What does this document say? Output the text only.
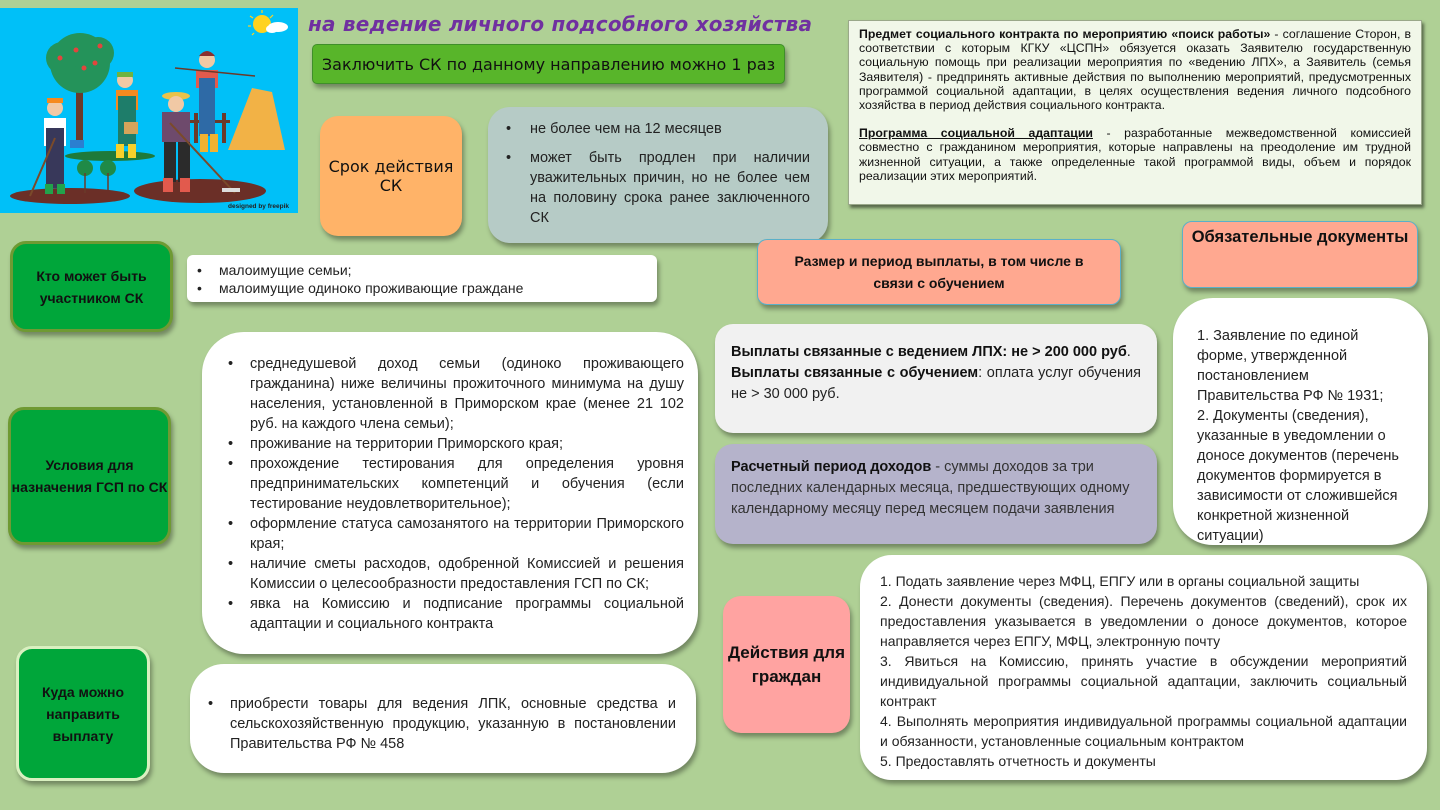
designed by freepik
на ведение личного подсобного хозяйства
Заключить СК по данному направлению можно 1 раз

Предмет социального контракта по мероприятию «поиск работы» - соглашение Сторон, в соответствии с которым КГКУ «ЦСПН» обязуется оказать Заявителю государственную социальную помощь при реализации мероприятия по «ведению ЛПХ», а Заявитель (семья Заявителя) - предпринять активные действия по выполнению мероприятий, предусмотренных программой социальной адаптации, в целях осуществления ведения личного подсобного хозяйства в период действия социального контракта.

Программа социальной адаптации - разработанные межведомственной комиссией совместно с гражданином мероприятия, которые направлены на преодоление им трудной жизненной ситуации, а также определенные такой программой виды, объем и порядок реализации этих мероприятий.

Срок действия СК
• не более чем на 12 месяцев
• может быть продлен при наличии уважительных причин, но не более чем на половину срока ранее заключенного СК
Кто может быть участником СК
• малоимущие семьи;
• малоимущие одиноко проживающие граждане
Условия для назначения ГСП по СК
• среднедушевой доход семьи (одиноко проживающего гражданина) ниже величины прожиточного минимума на душу населения, установленной в Приморском крае (менее 21 102 руб. на каждого члена семьи);
• проживание на территории Приморского края;
• прохождение тестирования для определения уровня предпринимательских компетенций и обучения (если тестирование неудовлетворительное);
• оформление статуса самозанятого на территории Приморского края;
• наличие сметы расходов, одобренной Комиссией и решения Комиссии о целесообразности предоставления ГСП по СК;
• явка на Комиссию и подписание программы социальной адаптации и социального контракта
Куда можно направить выплату
• приобрести товары для ведения ЛПК, основные средства и сельскохозяйственную продукцию, указанную в постановлении Правительства РФ № 458
Размер и период выплаты, в том числе в связи с обучением
Выплаты связанные с ведением ЛПХ: не > 200 000 руб.
Выплаты связанные с обучением: оплата услуг обучения не > 30 000 руб.
Расчетный период доходов - суммы доходов за три последних календарных месяца, предшествующих одному календарному месяцу перед месяцем подачи заявления
Обязательные документы
1. Заявление по единой форме, утвержденной постановлением Правительства РФ № 1931;
2. Документы (сведения), указанные в уведомлении о доносе документов (перечень документов формируется в зависимости от сложившейся конкретной жизненной ситуации)
Действия для граждан
1. Подать заявление через МФЦ, ЕПГУ или в органы социальной защиты
2. Донести документы (сведения). Перечень документов (сведений), срок их предоставления указывается в уведомлении о доносе документов, которое направляется через ЕПГУ, МФЦ, электронную почту
3. Явиться на Комиссию, принять участие в обсуждении мероприятий индивидуальной программы социальной адаптации, заключить социальный контракт
4. Выполнять мероприятия индивидуальной программы социальной адаптации и обязанности, установленные социальным контрактом
5. Предоставлять отчетность и документы
